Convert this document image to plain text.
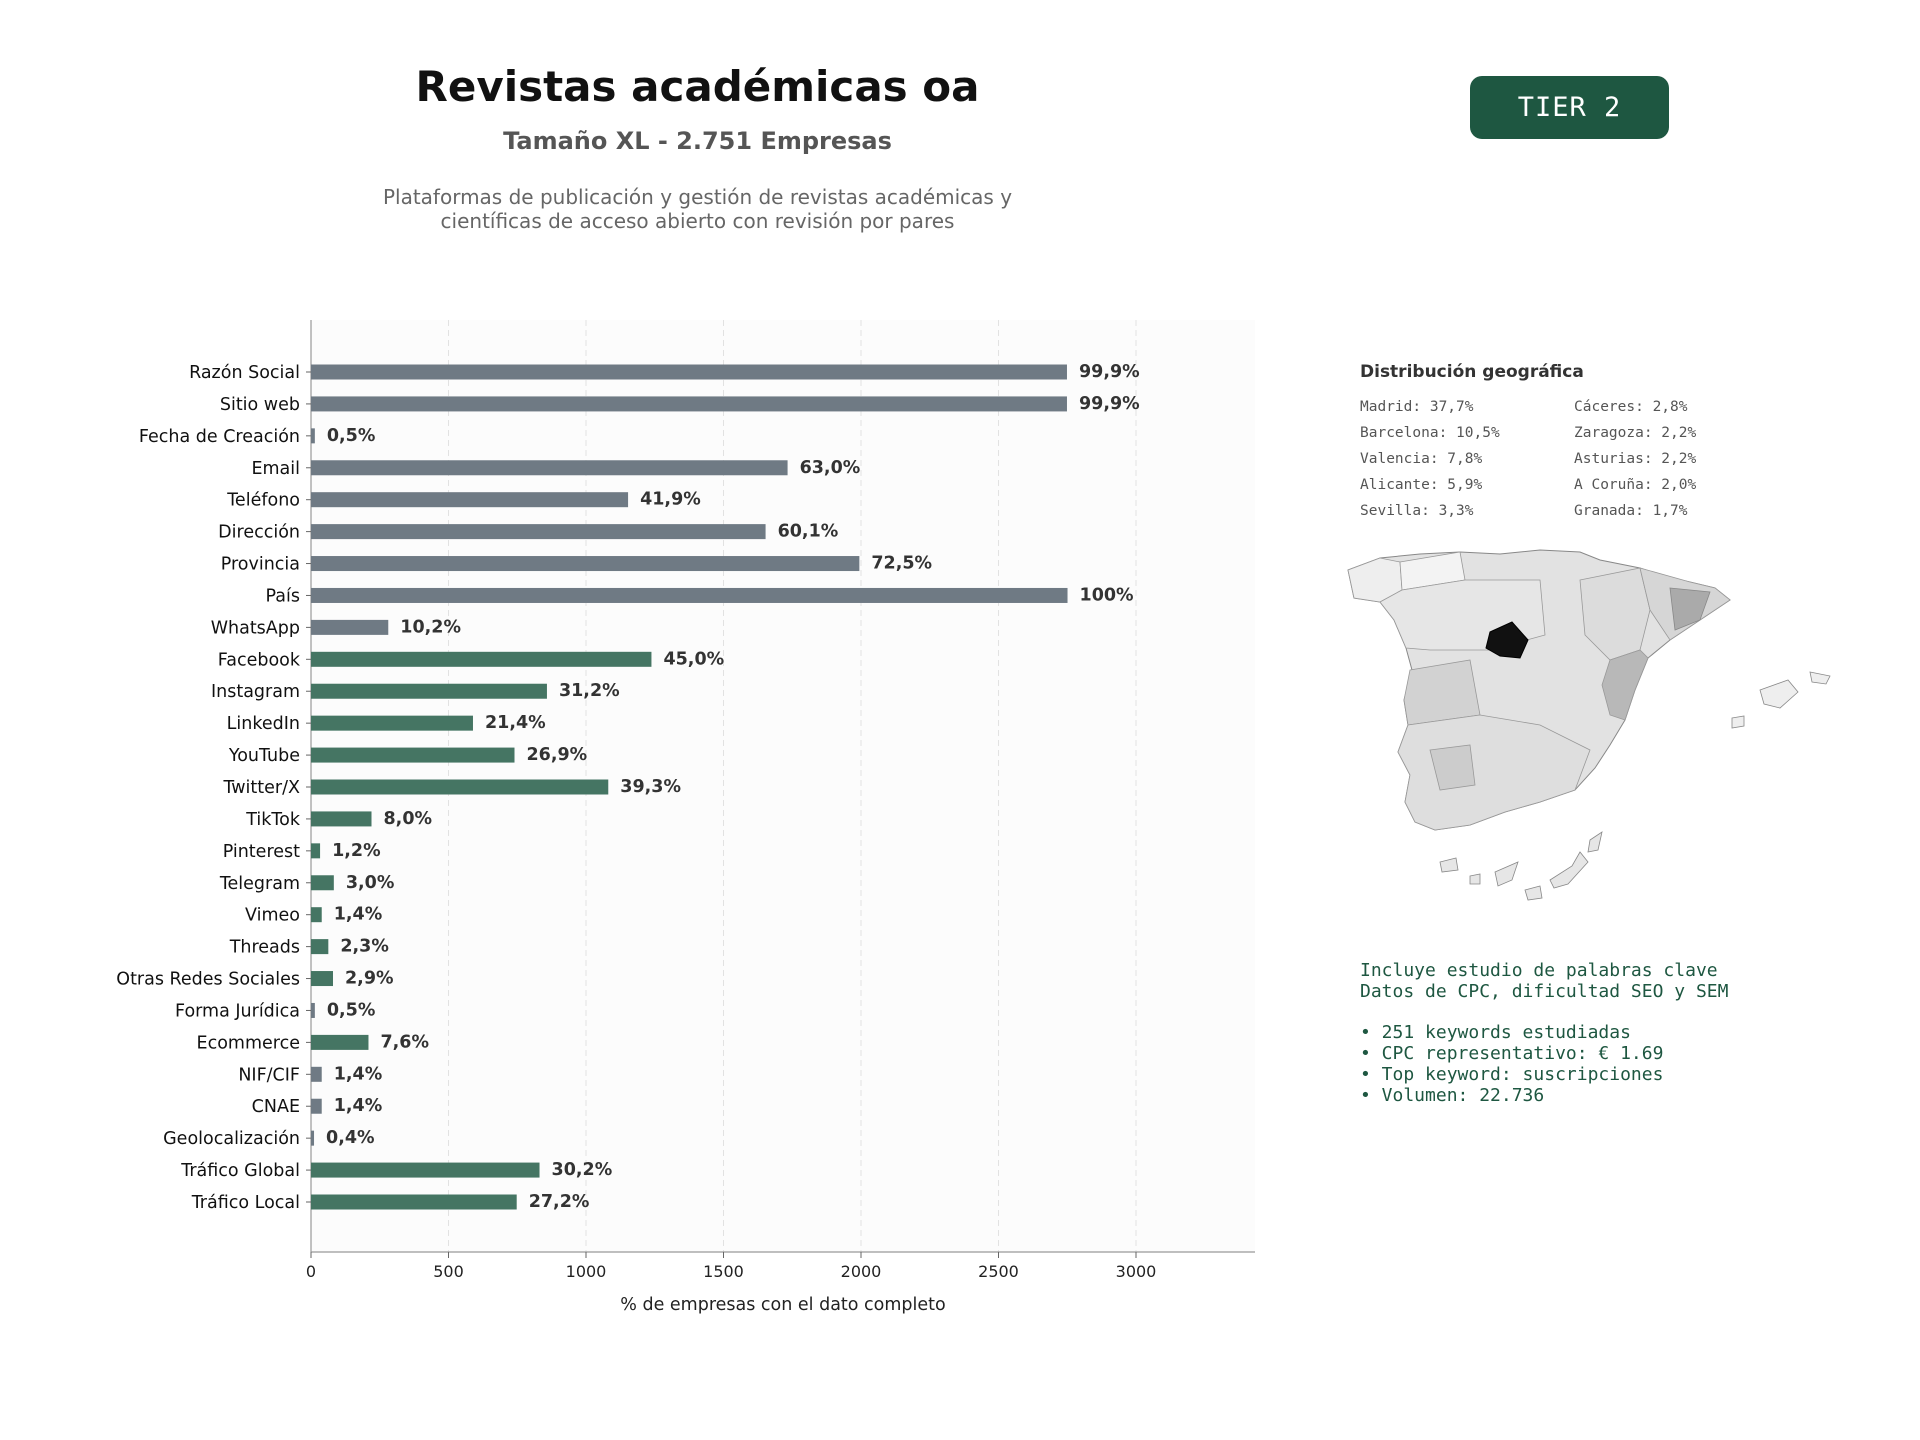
Revistas académicas oa
Tamaño XL - 2.751 Empresas
Plataformas de publicación y gestión de revistas académicas y
científicas de acceso abierto con revisión por pares
TIER 2
0	500	1000	1500	2000	2500	3000
% de empresas con el dato completo
Razón Social	99,9%
Sitio web	99,9%
Fecha de Creación 0,5%
Email	63,0%
Teléfono	41,9%
Dirección	60,1%
Provincia	72,5%
País	100%
WhatsApp	10,2%
Facebook	45,0%
Instagram	31,2%
LinkedIn	21,4%
YouTube	26,9%
Twitter/X	39,3%
TikTok	8,0%
Pinterest 1,2%
Telegram	3,0%
Vimeo 1,4%
Threads 2,3%
Otras Redes Sociales	2,9%
Forma Jurídica 0,5%
Ecommerce	7,6%
NIF/CIF 1,4%
CNAE 1,4%
Geolocalización 0,4%
Tráfico Global	30,2%
Tráfico Local	27,2%
Distribución geográfica
Madrid: 37,7%	Cáceres: 2,8%
Barcelona: 10,5%	Zaragoza: 2,2%
Valencia: 7,8%	Asturias: 2,2%
Alicante: 5,9%	A Coruña: 2,0%
Sevilla: 3,3%	Granada: 1,7%
Incluye estudio de palabras clave
Datos de CPC, dificultad SEO y SEM
• 251 keywords estudiadas
• CPC representativo: € 1.69
• Top keyword: suscripciones
• Volumen: 22.736
